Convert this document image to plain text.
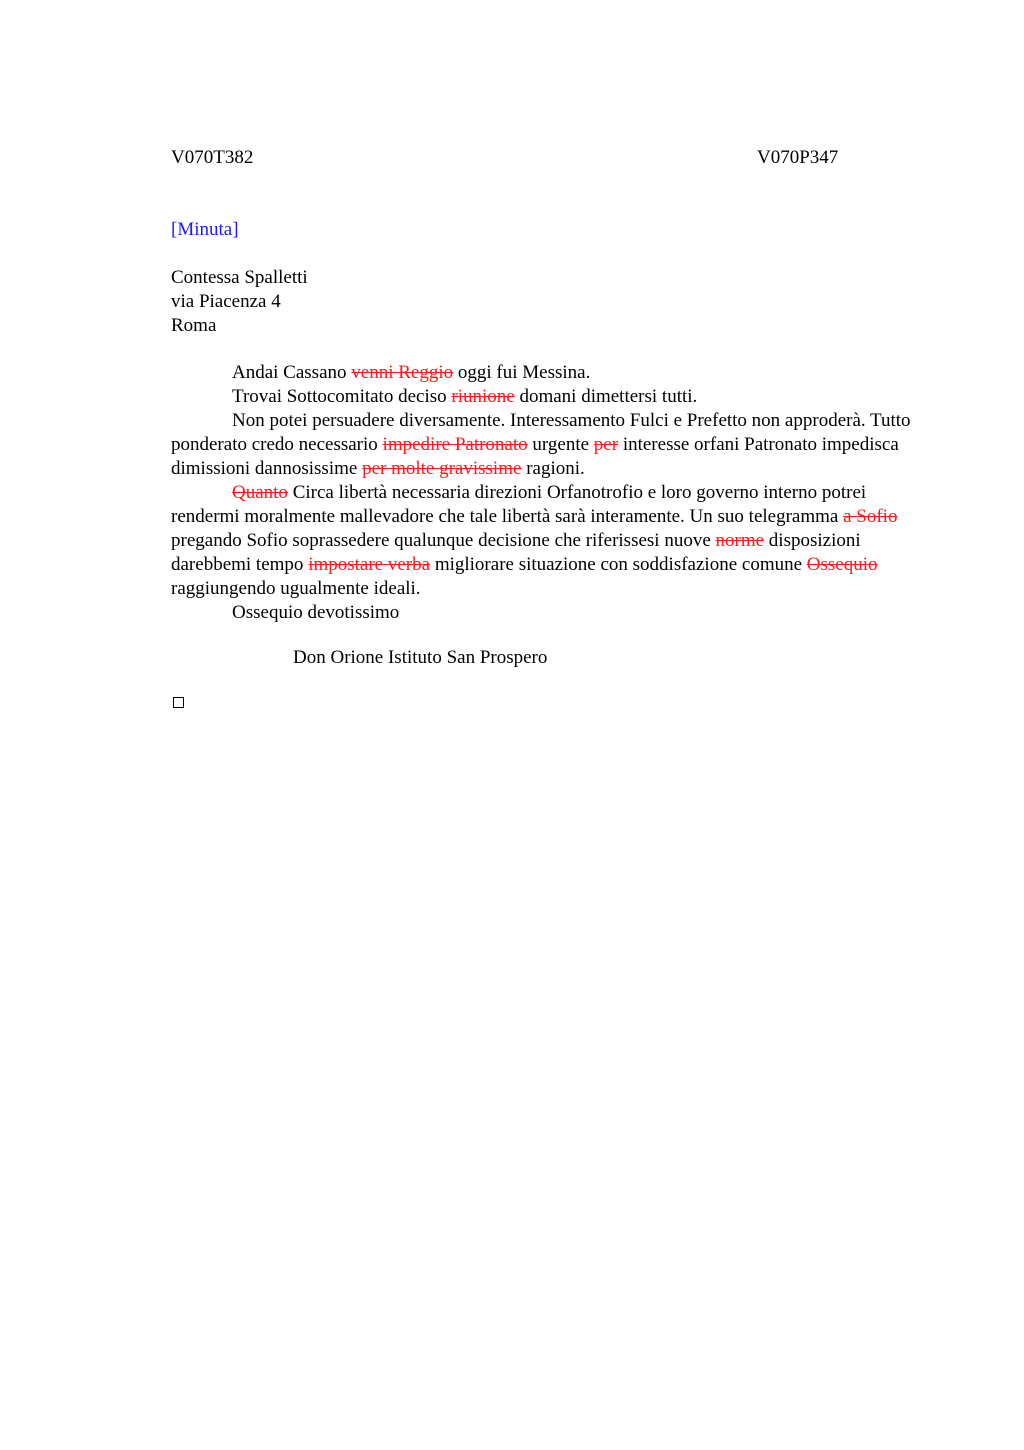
V070T382	V070P347
[Minuta]
Contessa Spalletti
via Piacenza 4
Roma

Andai Cassano venni Reggio oggi fui Messina.

Trovai Sottocomitato deciso riunione domani dimettersi tutti.

Non potei persuadere diversamente. Interessamento Fulci e Prefetto non approderà. Tutto ponderato credo necessario impedire Patronato urgente per interesse orfani Patronato impedisca dimissioni dannosissime per molte gravissime ragioni.

Quanto Circa libertà necessaria direzioni Orfanotrofio e loro governo interno potrei rendermi moralmente mallevadore che tale libertà sarà interamente. Un suo telegramma a Sofio pregando Sofio soprassedere qualunque decisione che riferissesi nuove norme disposizioni darebbemi tempo impostare verba migliorare situazione con soddisfazione comune Ossequio raggiungendo ugualmente ideali.

Ossequio devotissimo

Don Orione Istituto San Prospero
